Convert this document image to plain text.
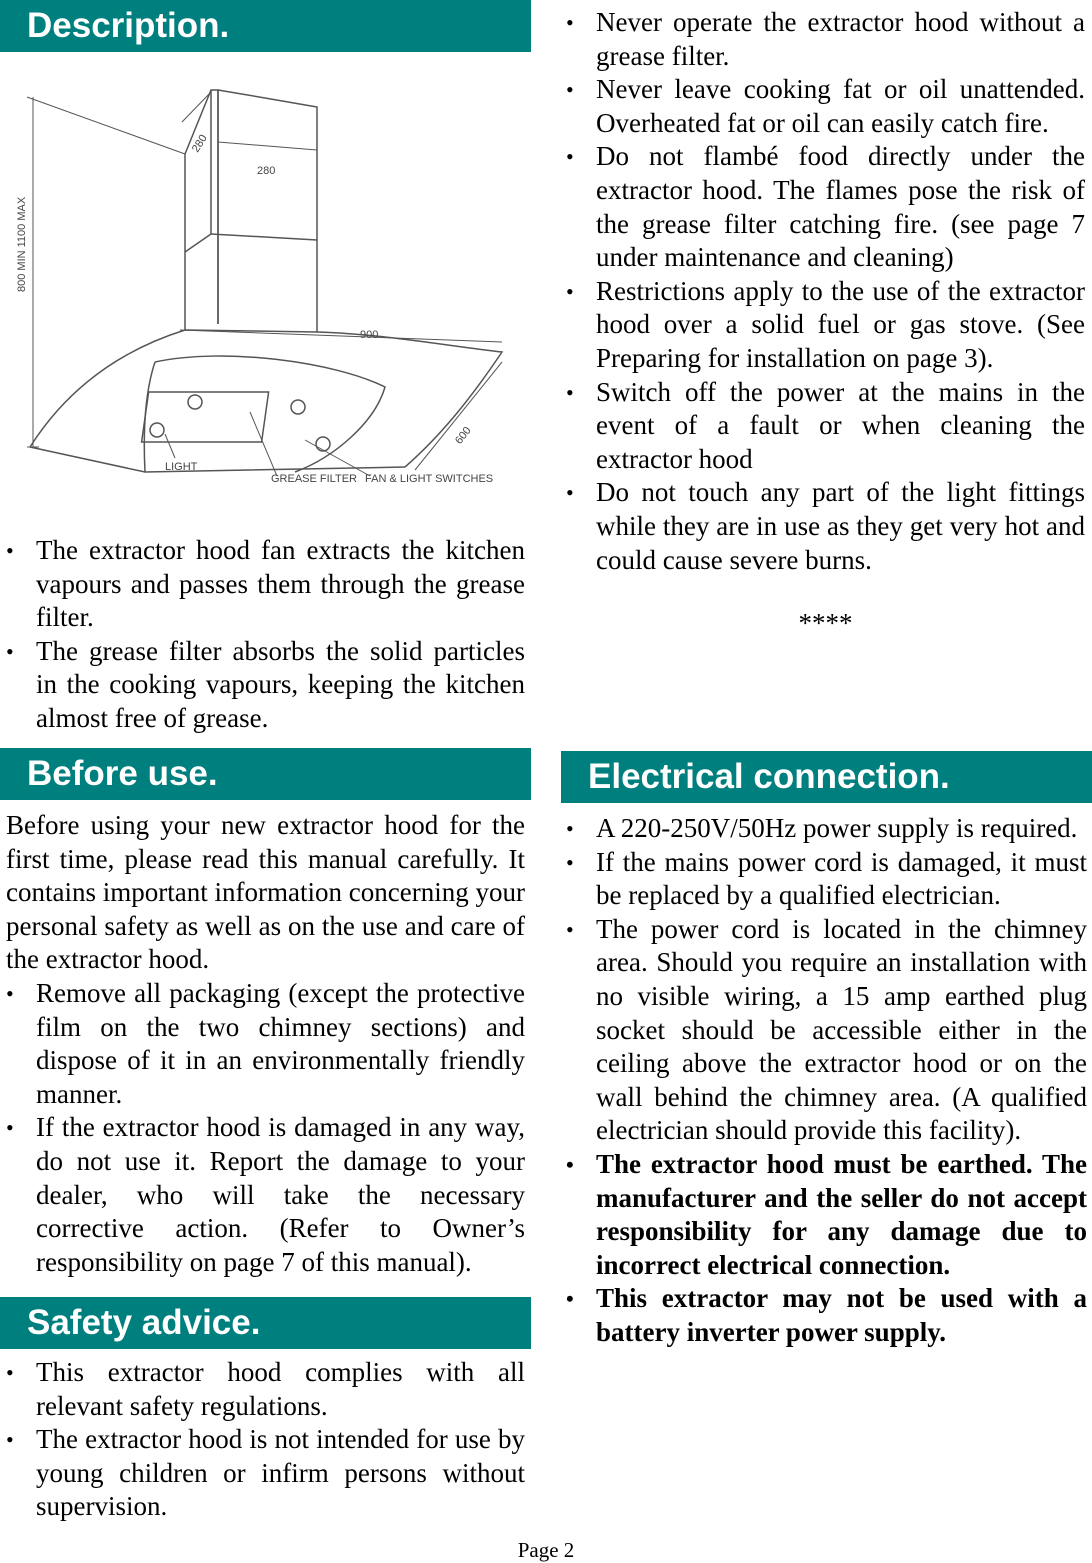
Description.
280
280
800 MIN 1100 MAX
900
600
LIGHT
GREASE FILTER FAN & LIGHT SWITCHES
• The extractor hood fan extracts the kitchen vapours and passes them through the grease filter.
• The grease filter absorbs the solid particles in the cooking vapours, keeping the kitchen almost free of grease.
Before use.

Before using your new extractor hood for the first time, please read this manual carefully. It contains important information concerning your personal safety as well as on the use and care of the extractor hood.

• Remove all packaging (except the protective film on the two chimney sections) and dispose of it in an environmentally friendly manner.
• If the extractor hood is damaged in any way, do not use it. Report the damage to your dealer, who will take the necessary corrective action. (Refer to Owner’s responsibility on page 7 of this manual).
Safety advice.
• This extractor hood complies with all relevant safety regulations.
• The extractor hood is not intended for use by young children or infirm persons without supervision.
• Never operate the extractor hood without a grease filter.
• Never leave cooking fat or oil unattended. Overheated fat or oil can easily catch fire.
• Do not flambé food directly under the extractor hood. The flames pose the risk of the grease filter catching fire. (see page 7 under maintenance and cleaning)
• Restrictions apply to the use of the extractor hood over a solid fuel or gas stove. (See Preparing for installation on page 3).
• Switch off the power at the mains in the event of a fault or when cleaning the extractor hood
• Do not touch any part of the light fittings while they are in use as they get very hot and could cause severe burns.
****
Electrical connection.
• A 220-250V/50Hz power supply is required.
• If the mains power cord is damaged, it must be replaced by a qualified electrician.
• The power cord is located in the chimney area. Should you require an installation with no visible wiring, a 15 amp earthed plug socket should be accessible either in the ceiling above the extractor hood or on the wall behind the chimney area. (A qualified electrician should provide this facility).
• The extractor hood must be earthed. The manufacturer and the seller do not accept responsibility for any damage due to incorrect electrical connection.
• This extractor may not be used with a battery inverter power supply.
Page 2
